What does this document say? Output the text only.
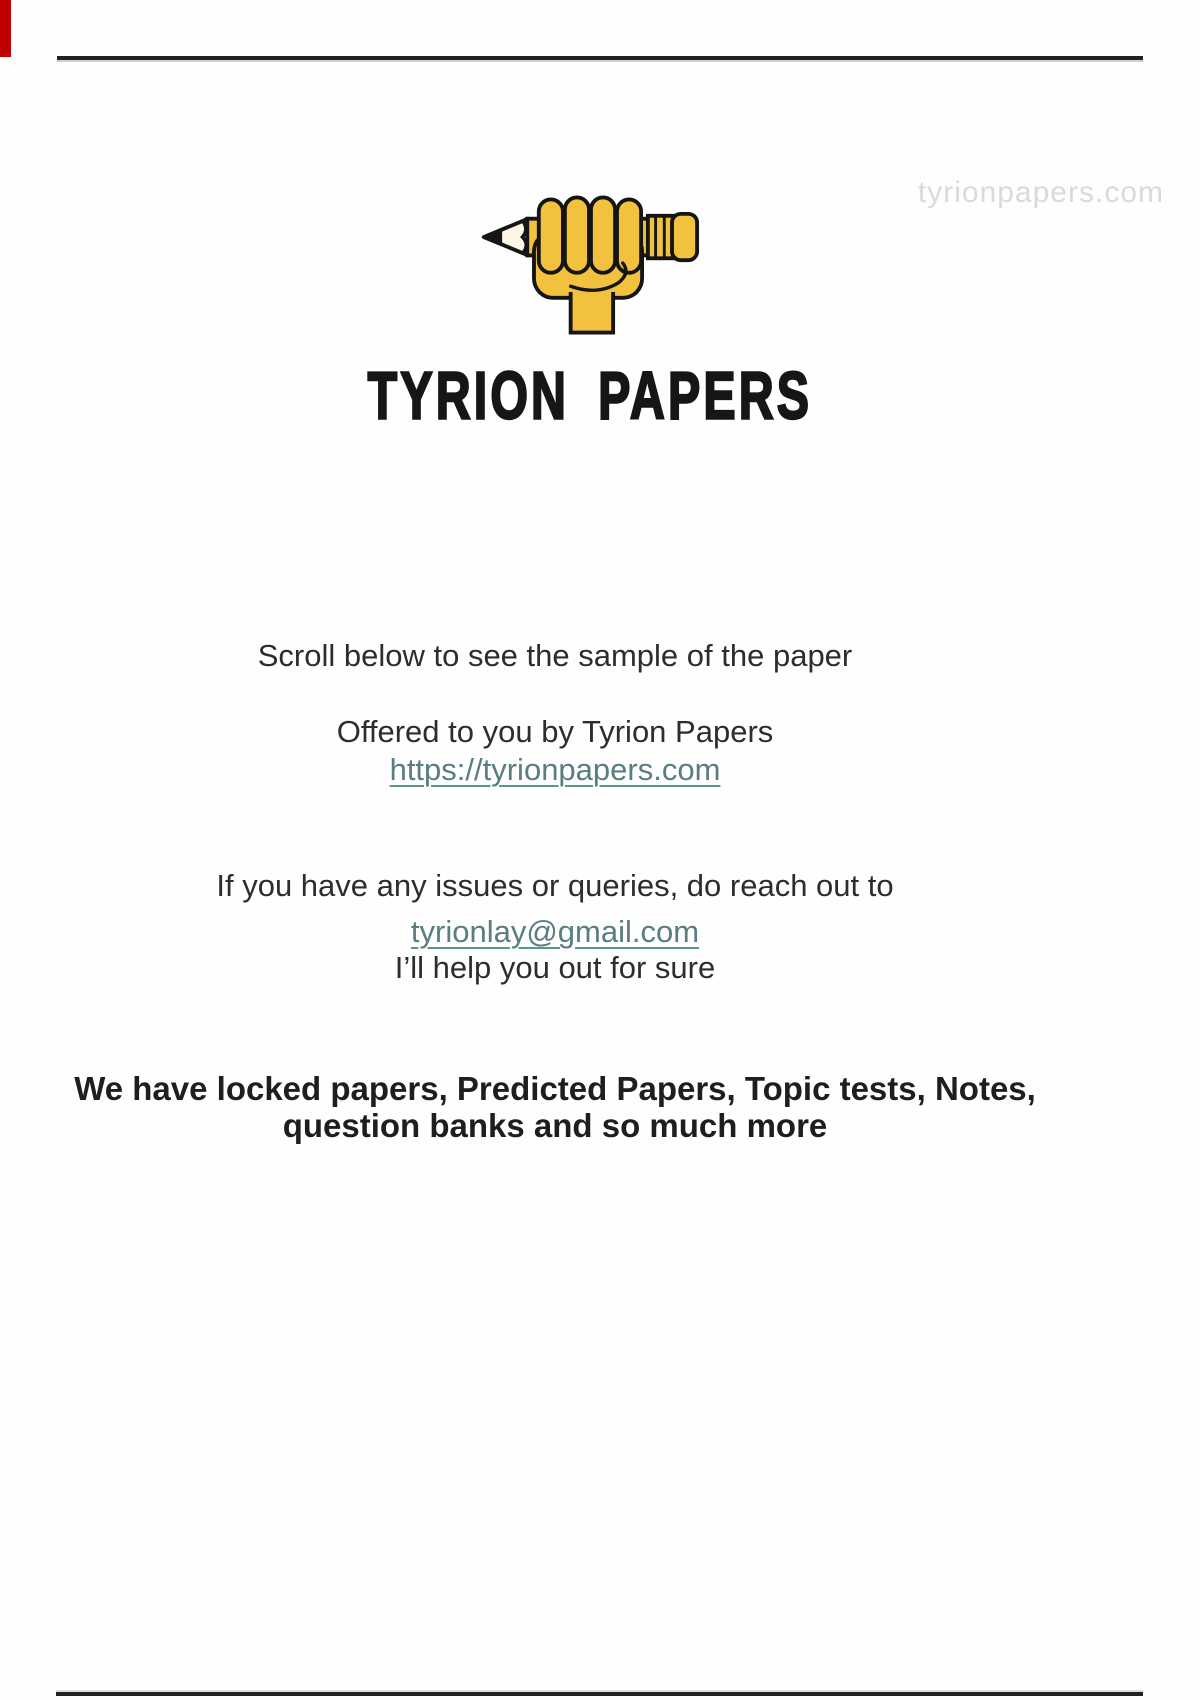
tyrionpapers.com
TYRION PAPERS
Scroll below to see the sample of the paper
Offered to you by Tyrion Papers
https://tyrionpapers.com
If you have any issues or queries, do reach out to
tyrionlay@gmail.com
I’ll help you out for sure
We have locked papers, Predicted Papers, Topic tests, Notes,
question banks and so much more
